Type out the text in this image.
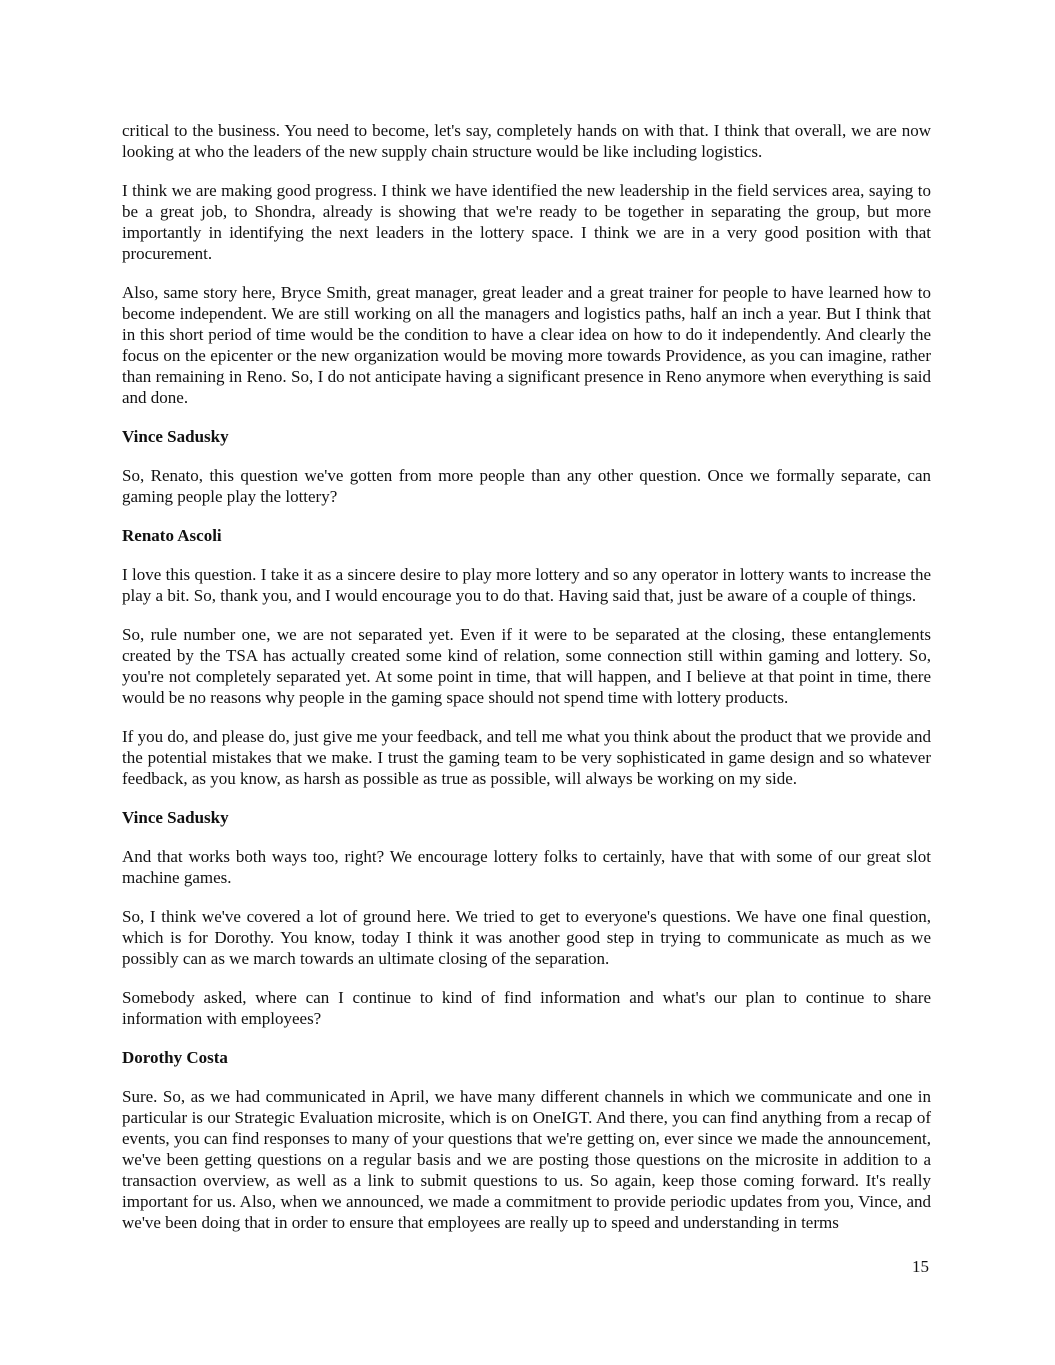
critical to the business. You need to become, let's say, completely hands on with that. I think that overall, we are now looking at who the leaders of the new supply chain structure would be like including logistics.

I think we are making good progress. I think we have identified the new leadership in the field services area, saying to be a great job, to Shondra, already is showing that we're ready to be together in separating the group, but more importantly in identifying the next leaders in the lottery space. I think we are in a very good position with that procurement.

Also, same story here, Bryce Smith, great manager, great leader and a great trainer for people to have learned how to become independent. We are still working on all the managers and logistics paths, half an inch a year. But I think that in this short period of time would be the condition to have a clear idea on how to do it independently. And clearly the focus on the epicenter or the new organization would be moving more towards Providence, as you can imagine, rather than remaining in Reno. So, I do not anticipate having a significant presence in Reno anymore when everything is said and done.

Vince Sadusky

So, Renato, this question we've gotten from more people than any other question. Once we formally separate, can gaming people play the lottery?

Renato Ascoli

I love this question. I take it as a sincere desire to play more lottery and so any operator in lottery wants to increase the play a bit. So, thank you, and I would encourage you to do that. Having said that, just be aware of a couple of things.

So, rule number one, we are not separated yet. Even if it were to be separated at the closing, these entanglements created by the TSA has actually created some kind of relation, some connection still within gaming and lottery. So, you're not completely separated yet. At some point in time, that will happen, and I believe at that point in time, there would be no reasons why people in the gaming space should not spend time with lottery products.

If you do, and please do, just give me your feedback, and tell me what you think about the product that we provide and the potential mistakes that we make. I trust the gaming team to be very sophisticated in game design and so whatever feedback, as you know, as harsh as possible as true as possible, will always be working on my side.

Vince Sadusky

And that works both ways too, right? We encourage lottery folks to certainly, have that with some of our great slot machine games.

So, I think we've covered a lot of ground here. We tried to get to everyone's questions. We have one final question, which is for Dorothy. You know, today I think it was another good step in trying to communicate as much as we possibly can as we march towards an ultimate closing of the separation.

Somebody asked, where can I continue to kind of find information and what's our plan to continue to share information with employees?

Dorothy Costa

Sure. So, as we had communicated in April, we have many different channels in which we communicate and one in particular is our Strategic Evaluation microsite, which is on OneIGT. And there, you can find anything from a recap of events, you can find responses to many of your questions that we're getting on, ever since we made the announcement, we've been getting questions on a regular basis and we are posting those questions on the microsite in addition to a transaction overview, as well as a link to submit questions to us. So again, keep those coming forward. It's really important for us. Also, when we announced, we made a commitment to provide periodic updates from you, Vince, and we've been doing that in order to ensure that employees are really up to speed and understanding in terms

15
